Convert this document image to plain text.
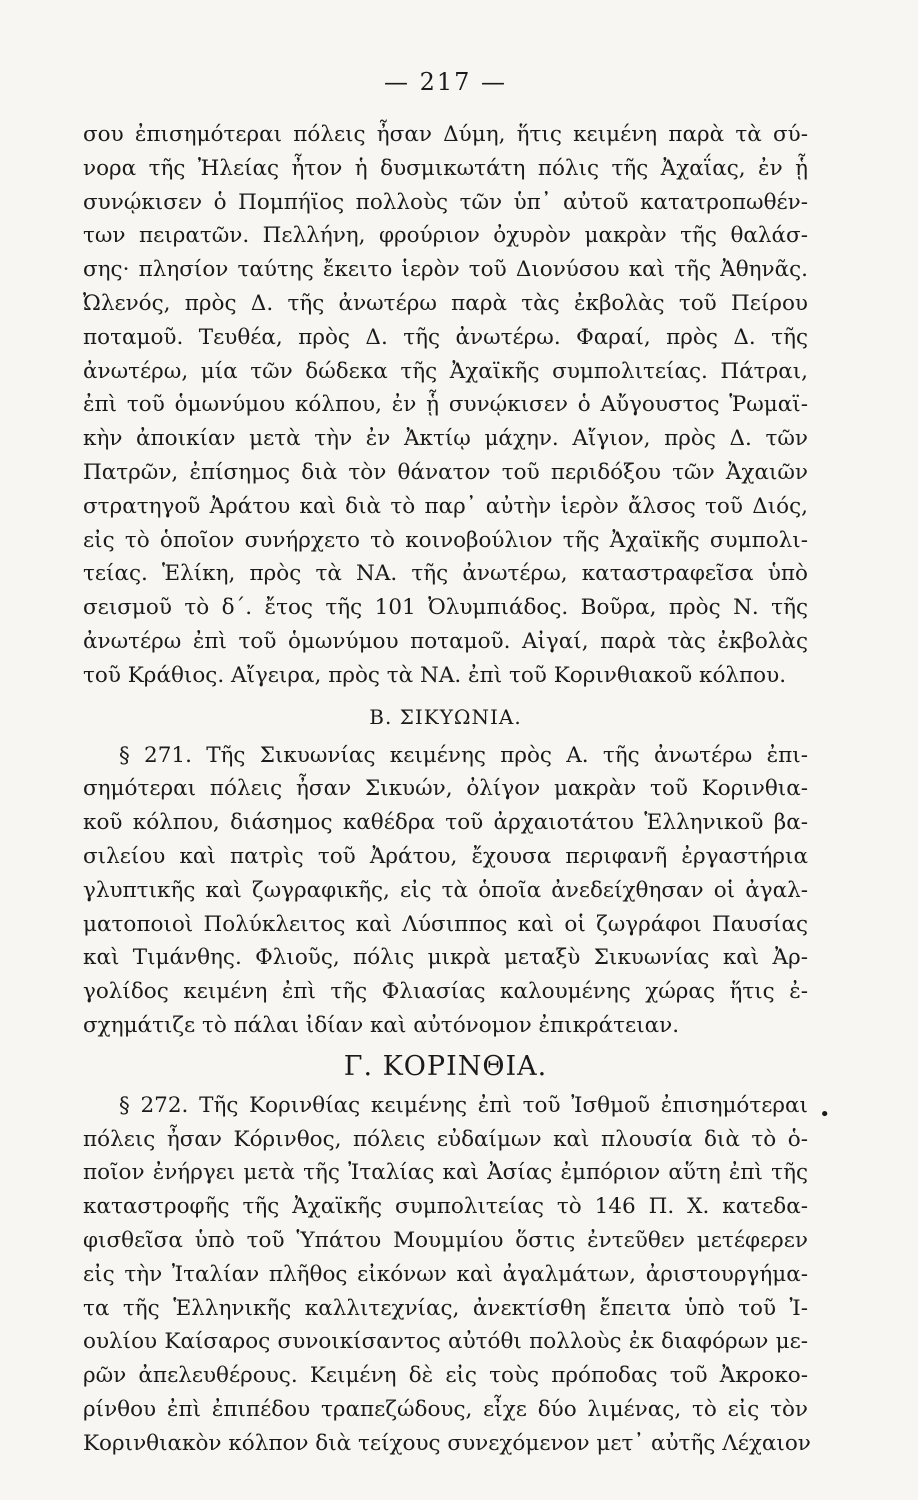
— 217 —
σου ἐπισημότεραι πόλεις ἦσαν Δύμη, ἥτις κειμένη παρὰ τὰ σύ-
νορα τῆς Ἠλείας ἦτον ἡ δυσμικωτάτη πόλις τῆς Ἀχαΐας, ἐν ᾗ
συνῴκισεν ὁ Πομπήϊος πολλοὺς τῶν ὑπ᾽ αὐτοῦ κατατροπωθέν-
των πειρατῶν. Πελλήνη, φρούριον ὀχυρὸν μακρὰν τῆς θαλάσ-
σης· πλησίον ταύτης ἔκειτο ἱερὸν τοῦ Διονύσου καὶ τῆς Ἀθηνᾶς.
Ὠλενός, πρὸς Δ. τῆς ἀνωτέρω παρὰ τὰς ἐκβολὰς τοῦ Πείρου
ποταμοῦ. Τευθέα, πρὸς Δ. τῆς ἀνωτέρω. Φαραί, πρὸς Δ. τῆς
ἀνωτέρω, μία τῶν δώδεκα τῆς Ἀχαϊκῆς συμπολιτείας. Πάτραι,
ἐπὶ τοῦ ὁμωνύμου κόλπου, ἐν ᾗ συνῴκισεν ὁ Αὔγουστος Ῥωμαϊ-
κὴν ἀποικίαν μετὰ τὴν ἐν Ἀκτίῳ μάχην. Αἴγιον, πρὸς Δ. τῶν
Πατρῶν, ἐπίσημος διὰ τὸν θάνατον τοῦ περιδόξου τῶν Ἀχαιῶν
στρατηγοῦ Ἀράτου καὶ διὰ τὸ παρ᾽ αὐτὴν ἱερὸν ἄλσος τοῦ Διός,
εἰς τὸ ὁποῖον συνήρχετο τὸ κοινοβούλιον τῆς Ἀχαϊκῆς συμπολι-
τείας. Ἑλίκη, πρὸς τὰ ΝΑ. τῆς ἀνωτέρω, καταστραφεῖσα ὑπὸ
σεισμοῦ τὸ δ΄. ἔτος τῆς 101 Ὀλυμπιάδος. Βοῦρα, πρὸς Ν. τῆς
ἀνωτέρω ἐπὶ τοῦ ὁμωνύμου ποταμοῦ. Αἰγαί, παρὰ τὰς ἐκβολὰς
τοῦ Κράθιος. Αἴγειρα, πρὸς τὰ ΝΑ. ἐπὶ τοῦ Κορινθιακοῦ κόλπου.
Β. ΣΙΚΥΩΝΙΑ.
§ 271. Τῆς Σικυωνίας κειμένης πρὸς Α. τῆς ἀνωτέρω ἐπι-
σημότεραι πόλεις ἦσαν Σικυών, ὀλίγον μακρὰν τοῦ Κορινθια-
κοῦ κόλπου, διάσημος καθέδρα τοῦ ἀρχαιοτάτου Ἑλληνικοῦ βα-
σιλείου καὶ πατρὶς τοῦ Ἀράτου, ἔχουσα περιφανῆ ἐργαστήρια
γλυπτικῆς καὶ ζωγραφικῆς, εἰς τὰ ὁποῖα ἀνεδείχθησαν οἱ ἀγαλ-
ματοποιοὶ Πολύκλειτος καὶ Λύσιππος καὶ οἱ ζωγράφοι Παυσίας
καὶ Τιμάνθης. Φλιοῦς, πόλις μικρὰ μεταξὺ Σικυωνίας καὶ Ἀρ-
γολίδος κειμένη ἐπὶ τῆς Φλιασίας καλουμένης χώρας ἥτις ἐ-
σχημάτιζε τὸ πάλαι ἰδίαν καὶ αὐτόνομον ἐπικράτειαν.
Γ. ΚΟΡΙΝΘΙΑ.
§ 272. Τῆς Κορινθίας κειμένης ἐπὶ τοῦ Ἰσθμοῦ ἐπισημότεραι
πόλεις ἦσαν Κόρινθος, πόλεις εὐδαίμων καὶ πλουσία διὰ τὸ ὁ-
ποῖον ἐνήργει μετὰ τῆς Ἰταλίας καὶ Ἀσίας ἐμπόριον αὕτη ἐπὶ τῆς
καταστροφῆς τῆς Ἀχαϊκῆς συμπολιτείας τὸ 146 Π. Χ. κατεδα-
φισθεῖσα ὑπὸ τοῦ Ὑπάτου Μουμμίου ὅστις ἐντεῦθεν μετέφερεν
εἰς τὴν Ἰταλίαν πλῆθος εἰκόνων καὶ ἀγαλμάτων, ἀριστουργήμα-
τα τῆς Ἑλληνικῆς καλλιτεχνίας, ἀνεκτίσθη ἔπειτα ὑπὸ τοῦ Ἰ-
ουλίου Καίσαρος συνοικίσαντος αὐτόθι πολλοὺς ἐκ διαφόρων με-
ρῶν ἀπελευθέρους. Κειμένη δὲ εἰς τοὺς πρόποδας τοῦ Ἀκροκο-
ρίνθου ἐπὶ ἐπιπέδου τραπεζώδους, εἶχε δύο λιμένας, τὸ εἰς τὸν
Κορινθιακὸν κόλπον διὰ τείχους συνεχόμενον μετ᾽ αὐτῆς Λέχαιον
•
